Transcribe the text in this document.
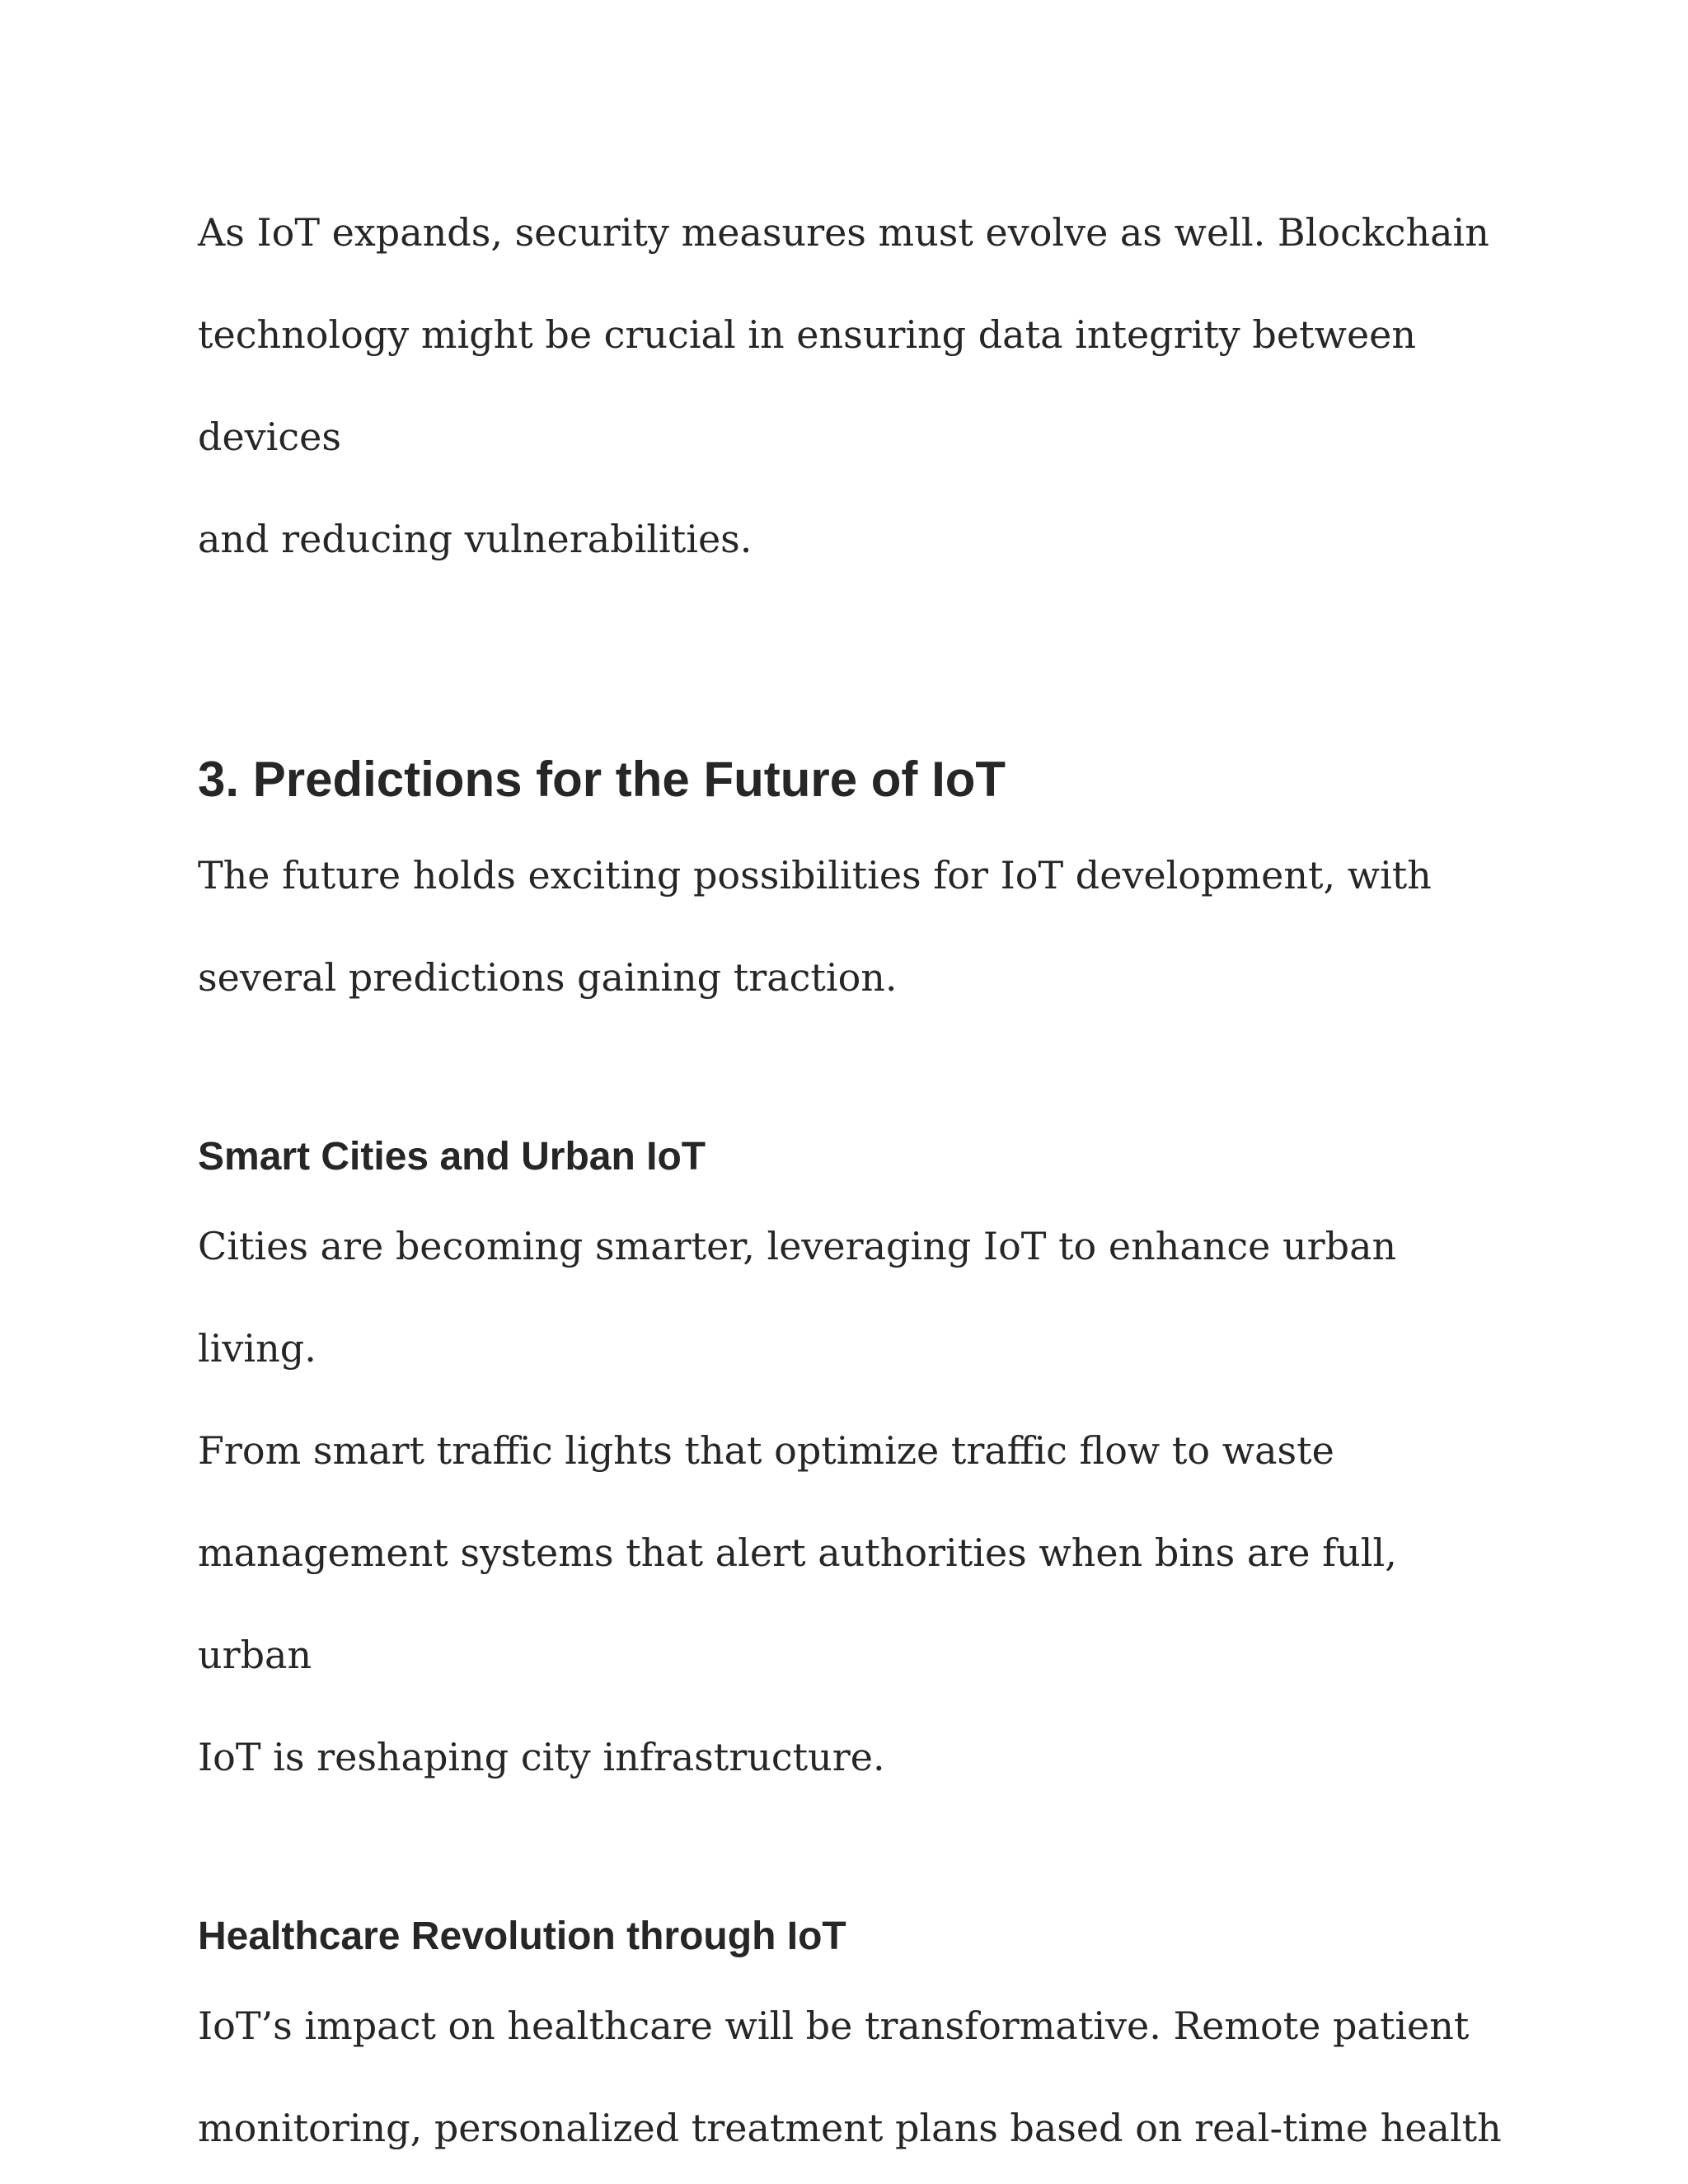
As IoT expands, security measures must evolve as well. Blockchain
technology might be crucial in ensuring data integrity between devices
and reducing vulnerabilities.

3. Predictions for the Future of IoT

The future holds exciting possibilities for IoT development, with
several predictions gaining traction.

Smart Cities and Urban IoT

Cities are becoming smarter, leveraging IoT to enhance urban living.
From smart traffic lights that optimize traffic flow to waste
management systems that alert authorities when bins are full, urban
IoT is reshaping city infrastructure.

Healthcare Revolution through IoT

IoT’s impact on healthcare will be transformative. Remote patient
monitoring, personalized treatment plans based on real-time health
